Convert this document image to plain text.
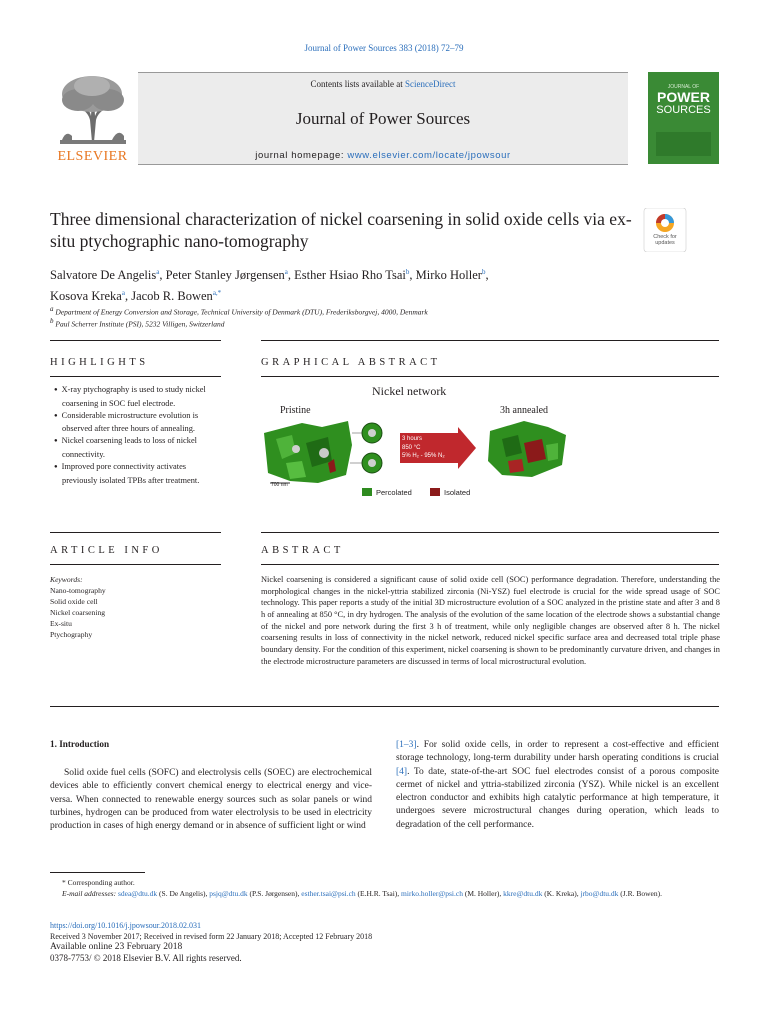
Journal of Power Sources 383 (2018) 72–79
ELSEVIER
Contents lists available at ScienceDirect
Journal of Power Sources
journal homepage: www.elsevier.com/locate/jpowsour
JOURNAL OF
POWER
SOURCES
Three dimensional characterization of nickel coarsening in solid oxide cells via ex-situ ptychographic nano-tomography	Check for updates
Salvatore De Angelis$^a$, Peter Stanley Jørgensen$^a$, Esther Hsiao Rho Tsai$^b$, Mirko Holler$^b$,
Kosova Kreka$^a$, Jacob R. Bowen$^{a,*}$
$^a$ Department of Energy Conversion and Storage, Technical University of Denmark (DTU), Frederiksborgvej, 4000, Denmark
$^b$ Paul Scherrer Institute (PSI), 5232 Villigen, Switzerland
HIGHLIGHTS	GRAPHICAL ABSTRACT
● X-ray ptychography is used to study nickel coarsening in SOC fuel electrode.
● Considerable microstructure evolution is observed after three hours of annealing.
● Nickel coarsening leads to loss of nickel connectivity.
● Improved pore connectivity activates previously isolated TPBs after treatment.
Nickel network
Pristine	3h annealed
3 hours
850 °C
5% H₂ - 95% N₂
700 nm
Percolated	Isolated
ARTICLE INFO	ABSTRACT
Keywords:
Nano-tomography
Solid oxide cell
Nickel coarsening
Ex-situ
Ptychography
Nickel coarsening is considered a significant cause of solid oxide cell (SOC) performance degradation. Therefore, understanding the morphological changes in the nickel-yttria stabilized zirconia (Ni-YSZ) fuel electrode is crucial for the wide spread usage of SOC technology. This paper reports a study of the initial 3D microstructure evolution of a SOC analyzed in the pristine state and after 3 and 8 h of annealing at 850 °C, in dry hydrogen. The analysis of the evolution of the same location of the electrode shows a substantial change of the nickel and pore network during the first 3 h of treatment, while only negligible changes are observed after 8 h. The nickel coarsening results in loss of connectivity in the nickel network, reduced nickel specific surface area and decreased total triple phase boundary density. For the condition of this experiment, nickel coarsening is shown to be predominantly curvature driven, and changes in the electrode microstructure parameters are discussed in terms of local microstructural evolution.
1. Introduction
Solid oxide fuel cells (SOFC) and electrolysis cells (SOEC) are electrochemical devices able to efficiently convert chemical energy to electrical energy and vice-versa. When connected to renewable energy sources such as solar panels or wind turbines, hydrogen can be produced from water electrolysis to be used in electricity production in cases of high energy demand or in absence of sufficient light or wind
[1–3]. For solid oxide cells, in order to represent a cost-effective and efficient storage technology, long-term durability under harsh operating conditions is crucial [4]. To date, state-of-the-art SOC fuel electrodes consist of a porous composite cermet of nickel and yttria-stabilized zirconia (YSZ). While nickel is an excellent electron conductor and exhibits high catalytic performance at high temperature, it undergoes severe microstructural changes during operation, which leads to degradation of the cell performance.
* Corresponding author.
E-mail addresses: sdea@dtu.dk (S. De Angelis), psjq@dtu.dk (P.S. Jørgensen), esther.tsai@psi.ch (E.H.R. Tsai), mirko.holler@psi.ch (M. Holler), kkre@dtu.dk (K. Kreka), jrbo@dtu.dk (J.R. Bowen).
https://doi.org/10.1016/j.jpowsour.2018.02.031
Received 3 November 2017; Received in revised form 22 January 2018; Accepted 12 February 2018
Available online 23 February 2018
0378-7753/ © 2018 Elsevier B.V. All rights reserved.
